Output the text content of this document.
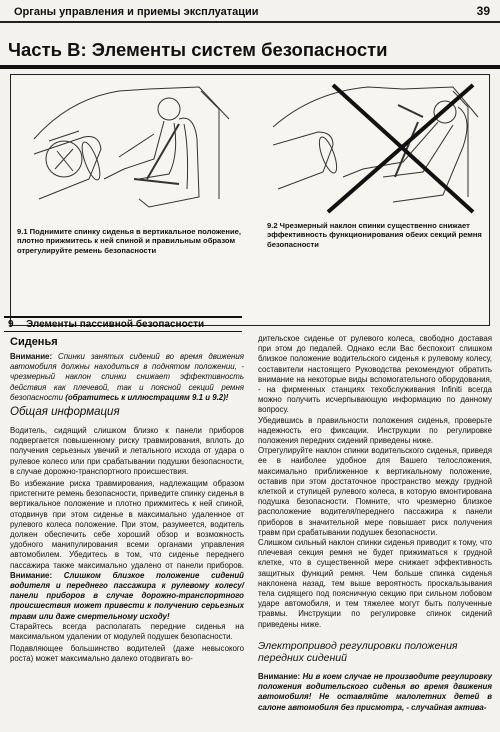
Органы управления и приемы эксплуатации	39
Часть B: Элементы систем безопасности
9.1 Поднимите спинку сиденья в вертикальное положение, плотно прижмитесь к ней спиной и правильным образом отрегулируйте ремень безопасности
9.2 Чрезмерный наклон спинки существенно снижает эффективность функционирования обеих секций ремня безопасности
9 Элементы пассивной безопасности
Сиденья
Внимание: Спинки занятых сидений во время движения автомобиля должны находиться в поднятом положении, - чрезмерный наклон спинки снижает эффективность действия как плечевой, так и поясной секций ремня безопасности (обратитесь к иллюстрациям 9.1 и 9.2)!
Общая информация

Водитель, сидящий слишком близко к панели приборов подвергается повышенному риску травмирования, вплоть до получения серьезных увечий и летального исхода от удара о рулевое колесо или при срабатывании подушки безопасности, в случае дорожно-транспортного происшествия.

Во избежание риска травмирования, надлежащим образом пристегните ремень безопасности, приведите спинку сиденья в вертикальное положение и плотно прижмитесь к ней спиной, отодвинув при этом сиденье в максимально удаленное от рулевого колеса положение. При этом, разумеется, водитель должен обеспечить себе хороший обзор и возможность удобного манипулирования всеми органами управления автомобилем. Убедитесь в том, что сиденье переднего пассажира также максимально удалено от панели приборов. Внимание: Слишком близкое положение сидений водителя и переднего пассажира к рулевому колесу/панели приборов в случае дорожно-транспортного происшествия может привести к получению серьезных травм или даже смертельному исходу!

Старайтесь всегда располагать передние сиденья на максимальном удалении от модулей подушек безопасности.

Подавляющее большинство водителей (даже невысокого роста) может максимально далеко отодвигать во-

дительское сиденье от рулевого колеса, свободно доставая при этом до педалей. Однако если Вас беспокоит слишком близкое положение водительского сиденья к рулевому колесу, составители настоящего Руководства рекомендуют обратить внимание на некоторые виды вспомогательного оборудования, - на фирменных станциях техобслуживания Infiniti всегда можно получить исчерпывающую информацию по данному вопросу.

Убедившись в правильности положения сиденья, проверьте надежность его фиксации. Инструкции по регулировке положения передних сидений приведены ниже.

Отрегулируйте наклон спинки водительского сиденья, приведя ее в наиболее удобное для Вашего телосложения, максимально приближенное к вертикальному положение, оставив при этом достаточное пространство между грудной клеткой и ступицей рулевого колеса, в которую вмонтирована подушка безопасности. Помните, что чрезмерно близкое расположение водителя/переднего пассажира к панели приборов в значительной мере повышает риск получения травм при срабатывании подушек безопасности.

Слишком сильный наклон спинки сиденья приводит к тому, что плечевая секция ремня не будет прижиматься к грудной клетке, что в существенной мере снижает эффективность защитных функций ремня. Чем больше спинка сиденья наклонена назад, тем выше вероятность проскальзывания тела сидящего под поясничную секцию при сильном лобовом ударе автомобиля, и тем тяжелее могут быть полученные травмы. Инструкции по регулировке спинок сидений приведены ниже.

Электропривод регулировки положения передних сидений
Внимание: Ни в коем случае не производите регулировку положения водительского сиденья во время движения автомобиля! Не оставляйте малолетних детей в салоне автомобиля без присмотра, - случайная актива-
